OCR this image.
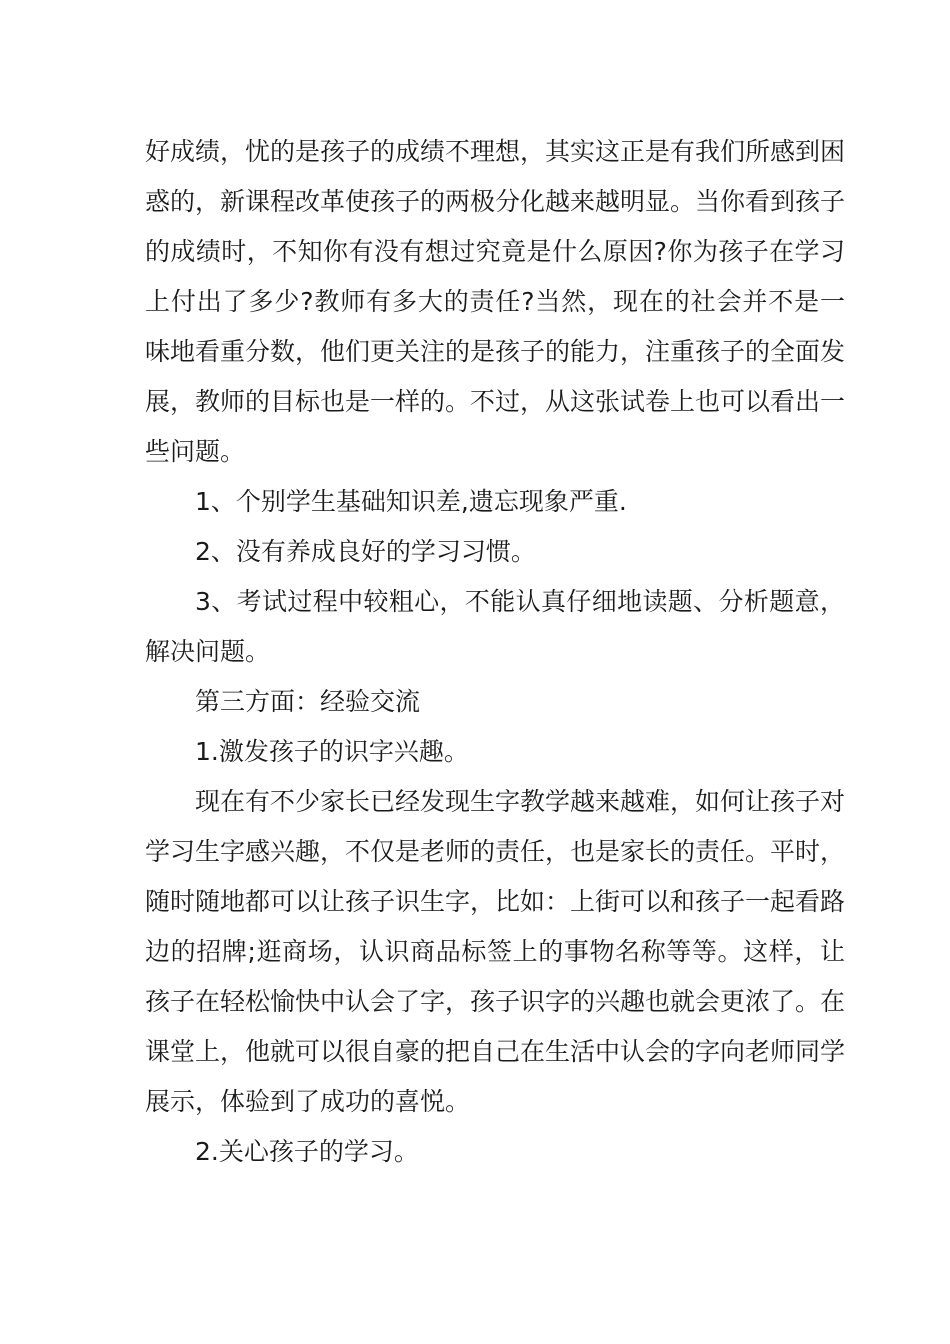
好成绩，忧的是孩子的成绩不理想，其实这正是有我们所感到困惑的，新课程改革使孩子的两极分化越来越明显。当你看到孩子的成绩时，不知你有没有想过究竟是什么原因?你为孩子在学习上付出了多少?教师有多大的责任?当然，现在的社会并不是一味地看重分数，他们更关注的是孩子的能力，注重孩子的全面发展，教师的目标也是一样的。不过，从这张试卷上也可以看出一些问题。

1、个别学生基础知识差,遗忘现象严重.

2、没有养成良好的学习习惯。

3、考试过程中较粗心，不能认真仔细地读题、分析题意，解决问题。

第三方面：经验交流

1.激发孩子的识字兴趣。

现在有不少家长已经发现生字教学越来越难，如何让孩子对学习生字感兴趣，不仅是老师的责任，也是家长的责任。平时，随时随地都可以让孩子识生字，比如：上街可以和孩子一起看路边的招牌;逛商场，认识商品标签上的事物名称等等。这样，让孩子在轻松愉快中认会了字，孩子识字的兴趣也就会更浓了。在课堂上，他就可以很自豪的把自己在生活中认会的字向老师同学展示，体验到了成功的喜悦。

2.关心孩子的学习。
